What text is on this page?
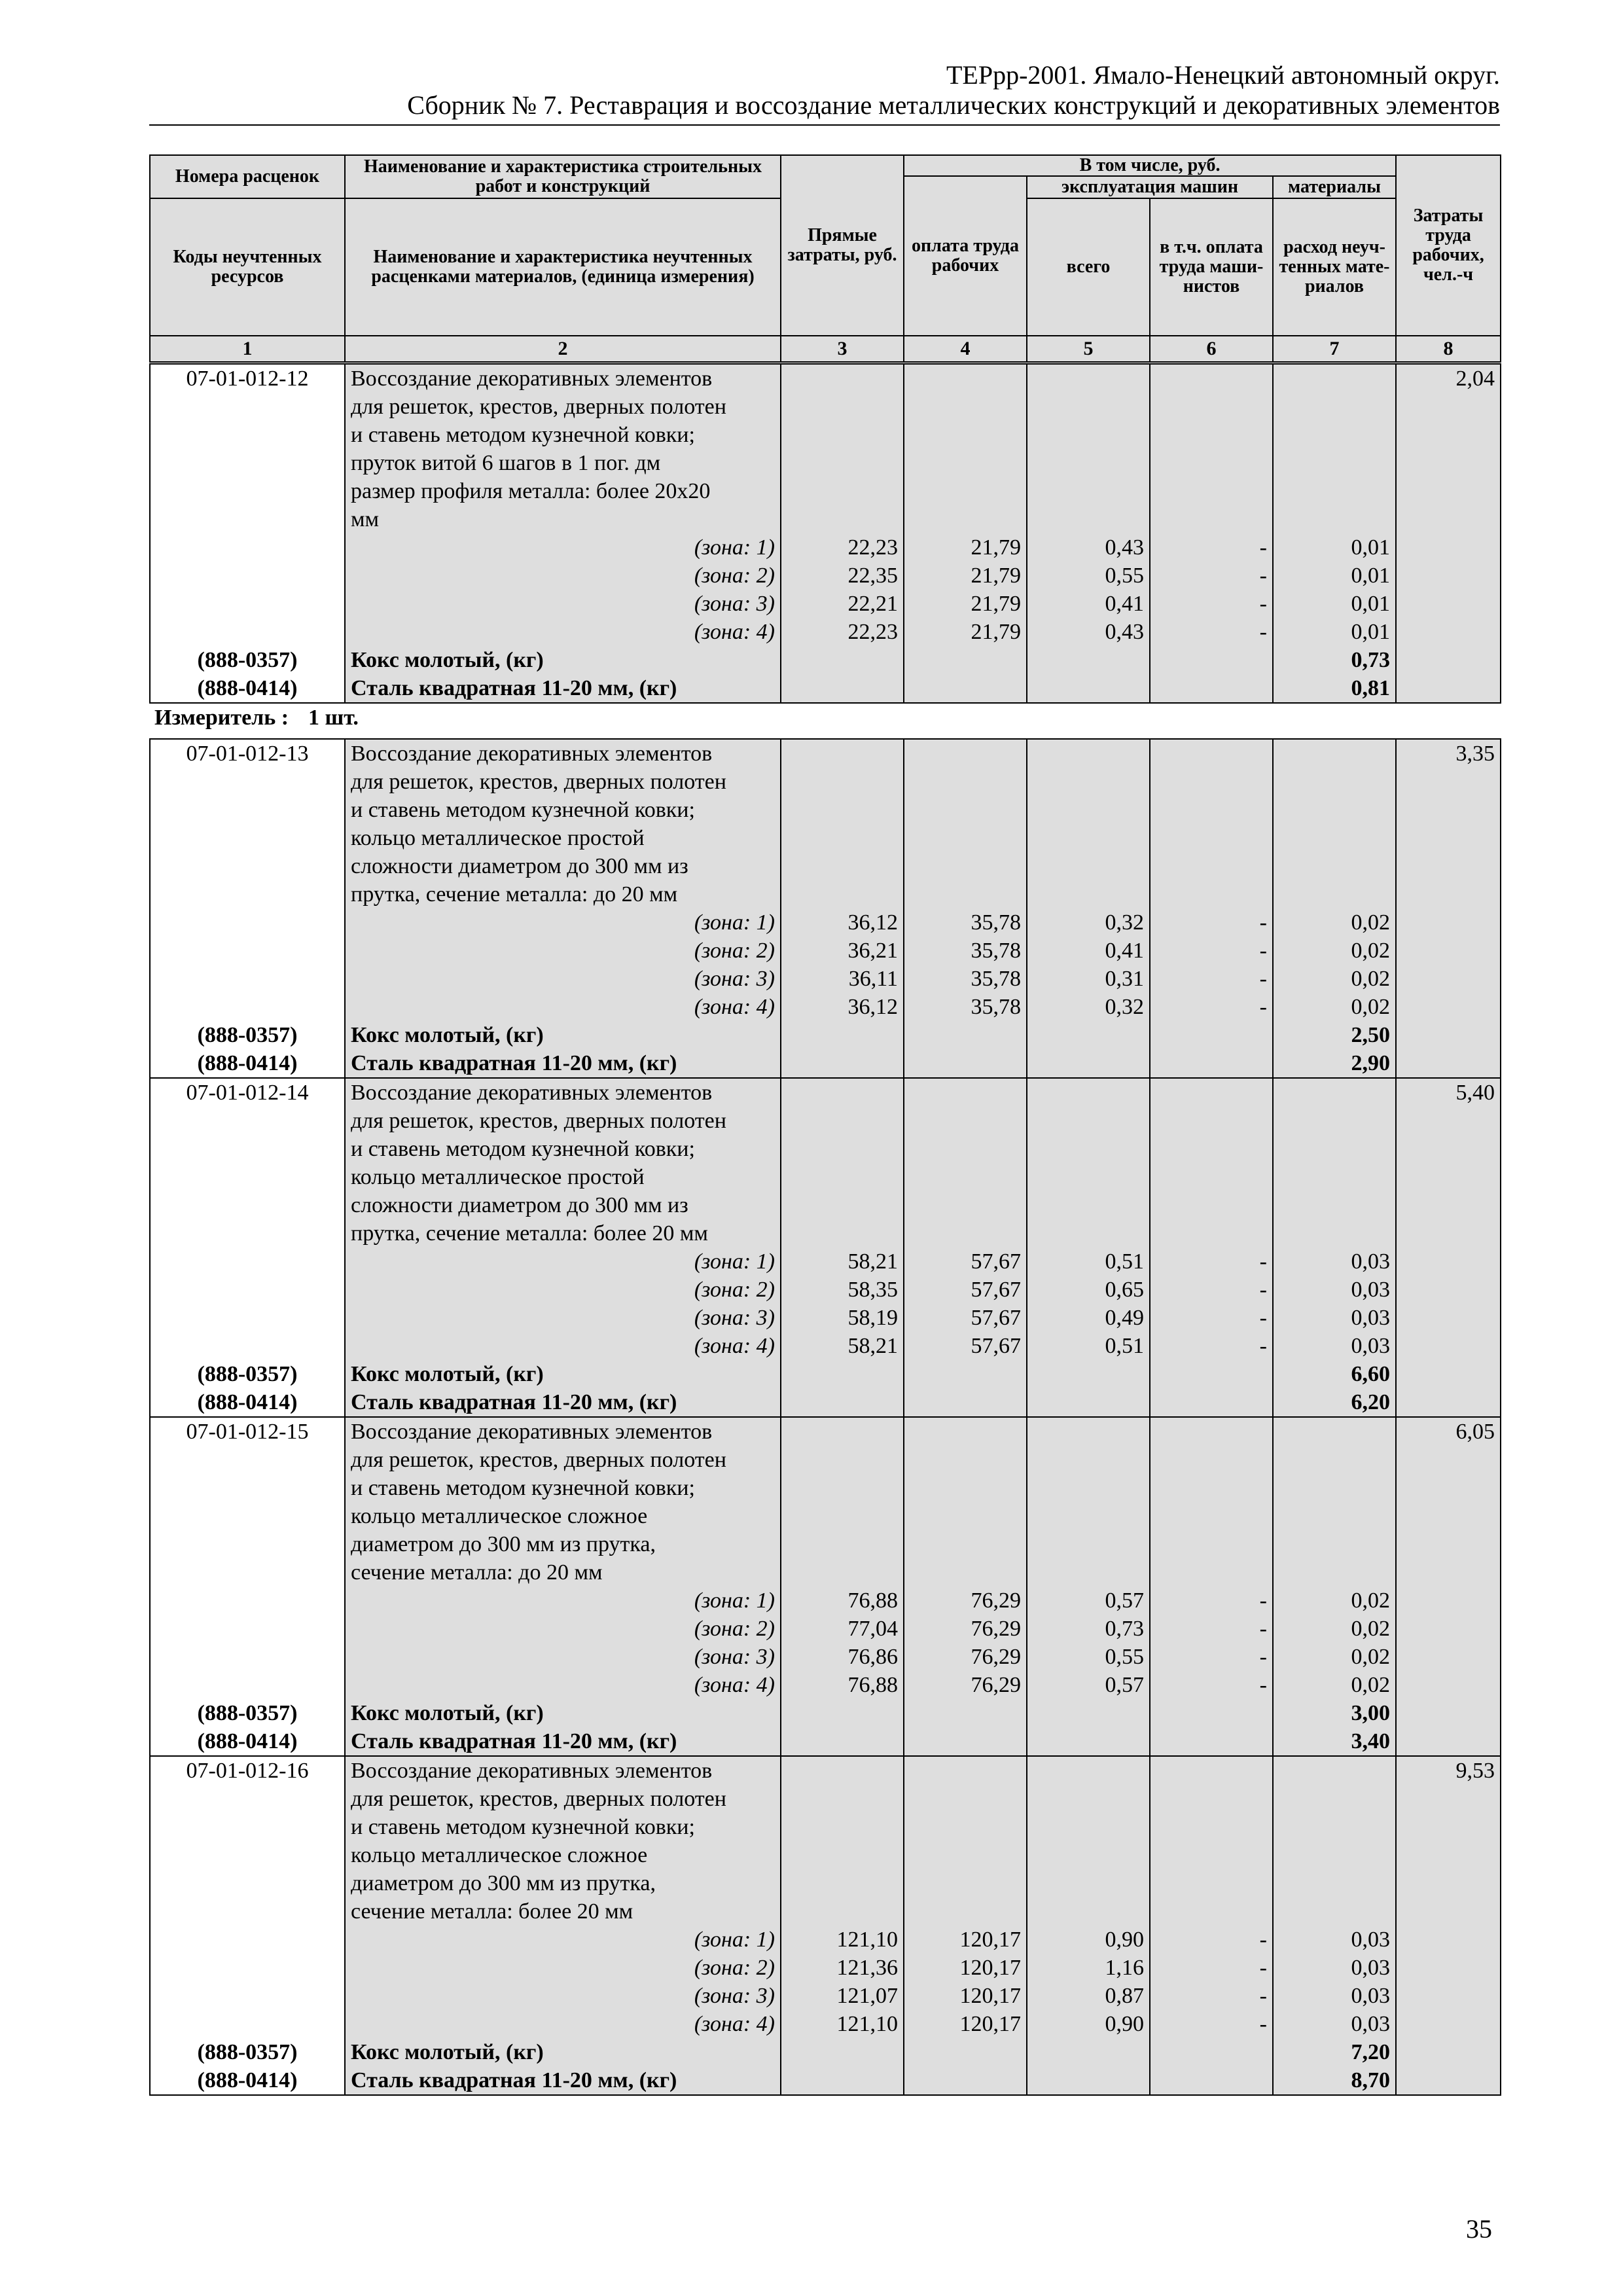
ТЕРрр-2001. Ямало-Ненецкий автономный округ.
Сборник № 7. Реставрация и воссоздание металлических конструкций и декоративных элементов
Номера расценок	Наименование и характеристика строительных работ и конструкций	Прямые затраты, руб.	В том числе, руб.				Затраты труда рабочих, чел.-ч
			оплата труда рабочих	эксплуатация машин		материалы	
Коды неучтенных ресурсов	Наименование и характеристика неучтенных расценками материалов, (единица измерения)			всего	в т.ч. оплата труда маши-нистов	расход неуч-тенных мате-риалов	

1	2	3	4	5	6	7	8
07-01-012-12	Воссоздание декоративных элементов						2,04
	для решеток, крестов, дверных полотен						
	и ставень методом кузнечной ковки;						
	пруток витой 6 шагов в 1 пог. дм						
	размер профиля металла: более 20х20						
	мм						
	(зона: 1)	22,23	21,79	0,43	-	0,01	
	(зона: 2)	22,35	21,79	0,55	-	0,01	
	(зона: 3)	22,21	21,79	0,41	-	0,01	
	(зона: 4)	22,23	21,79	0,43	-	0,01	
(888-0357)	Кокс молотый, (кг)					0,73	
(888-0414)	Сталь квадратная 11-20 мм, (кг)					0,81	
Измеритель : 1 шт.
07-01-012-13	Воссоздание декоративных элементов						3,35
	для решеток, крестов, дверных полотен						
	и ставень методом кузнечной ковки;						
	кольцо металлическое простой						
	сложности диаметром до 300 мм из						
	прутка, сечение металла: до 20 мм						
	(зона: 1)	36,12	35,78	0,32	-	0,02	
	(зона: 2)	36,21	35,78	0,41	-	0,02	
	(зона: 3)	36,11	35,78	0,31	-	0,02	
	(зона: 4)	36,12	35,78	0,32	-	0,02	
(888-0357)	Кокс молотый, (кг)					2,50	
(888-0414)	Сталь квадратная 11-20 мм, (кг)					2,90	
07-01-012-14	Воссоздание декоративных элементов						5,40
	для решеток, крестов, дверных полотен						
	и ставень методом кузнечной ковки;						
	кольцо металлическое простой						
	сложности диаметром до 300 мм из						
	прутка, сечение металла: более 20 мм						
	(зона: 1)	58,21	57,67	0,51	-	0,03	
	(зона: 2)	58,35	57,67	0,65	-	0,03	
	(зона: 3)	58,19	57,67	0,49	-	0,03	
	(зона: 4)	58,21	57,67	0,51	-	0,03	
(888-0357)	Кокс молотый, (кг)					6,60	
(888-0414)	Сталь квадратная 11-20 мм, (кг)					6,20	
07-01-012-15	Воссоздание декоративных элементов						6,05
	для решеток, крестов, дверных полотен						
	и ставень методом кузнечной ковки;						
	кольцо металлическое сложное						
	диаметром до 300 мм из прутка,						
	сечение металла: до 20 мм						
	(зона: 1)	76,88	76,29	0,57	-	0,02	
	(зона: 2)	77,04	76,29	0,73	-	0,02	
	(зона: 3)	76,86	76,29	0,55	-	0,02	
	(зона: 4)	76,88	76,29	0,57	-	0,02	
(888-0357)	Кокс молотый, (кг)					3,00	
(888-0414)	Сталь квадратная 11-20 мм, (кг)					3,40	
07-01-012-16	Воссоздание декоративных элементов						9,53
	для решеток, крестов, дверных полотен						
	и ставень методом кузнечной ковки;						
	кольцо металлическое сложное						
	диаметром до 300 мм из прутка,						
	сечение металла: более 20 мм						
	(зона: 1)	121,10	120,17	0,90	-	0,03	
	(зона: 2)	121,36	120,17	1,16	-	0,03	
	(зона: 3)	121,07	120,17	0,87	-	0,03	
	(зона: 4)	121,10	120,17	0,90	-	0,03	
(888-0357)	Кокс молотый, (кг)					7,20	
(888-0414)	Сталь квадратная 11-20 мм, (кг)					8,70	
35
